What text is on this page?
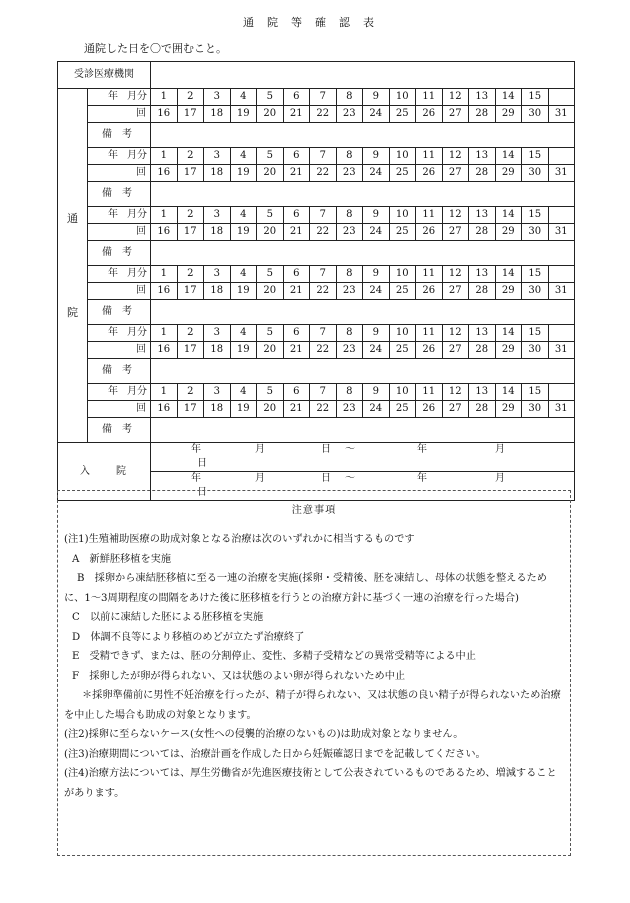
通院等確認表
通院した日を〇で囲むこと。
受診医療機関																	

通
院	年 月分	1	2	3	4	5	6	7	8	9	10	11	12	13	14	15	
	回	16	17	18	19	20	21	22	23	24	25	26	27	28	29	30	31
	備考																
	年 月分	1	2	3	4	5	6	7	8	9	10	11	12	13	14	15	
	回	16	17	18	19	20	21	22	23	24	25	26	27	28	29	30	31
	備考																
	年 月分	1	2	3	4	5	6	7	8	9	10	11	12	13	14	15	
	回	16	17	18	19	20	21	22	23	24	25	26	27	28	29	30	31
	備考																
	年 月分	1	2	3	4	5	6	7	8	9	10	11	12	13	14	15	
	回	16	17	18	19	20	21	22	23	24	25	26	27	28	29	30	31
	備考																
	年 月分	1	2	3	4	5	6	7	8	9	10	11	12	13	14	15	
	回	16	17	18	19	20	21	22	23	24	25	26	27	28	29	30	31
	備考																
	年 月分	1	2	3	4	5	6	7	8	9	10	11	12	13	14	15	
	回	16	17	18	19	20	21	22	23	24	25	26	27	28	29	30	31
	備考																
入　　院		年 月 日 ～ 年 月日															
		年 月 日 ～ 年 月日															
注意事項

(注1)生殖補助医療の助成対象となる治療は次のいずれかに相当するものです

A　新鮮胚移植を実施

B　採卵から凍結胚移植に至る一連の治療を実施(採卵・受精後、胚を凍結し、母体の状態を整えるために、1～3周期程度の間隔をあけた後に胚移植を行うとの治療方針に基づく一連の治療を行った場合)

C　以前に凍結した胚による胚移植を実施

D　体調不良等により移植のめどが立たず治療終了

E　受精できず、または、胚の分割停止、変性、多精子受精などの異常受精等による中止

F　採卵したが卵が得られない、又は状態のよい卵が得られないため中止

＊採卵準備前に男性不妊治療を行ったが、精子が得られない、又は状態の良い精子が得られないため治療を中止した場合も助成の対象となります。

(注2)採卵に至らないケース(女性への侵襲的治療のないもの)は助成対象となりません。

(注3)治療期間については、治療計画を作成した日から妊娠確認日までを記載してください。

(注4)治療方法については、厚生労働省が先進医療技術として公表されているものであるため、増減することがあります。
